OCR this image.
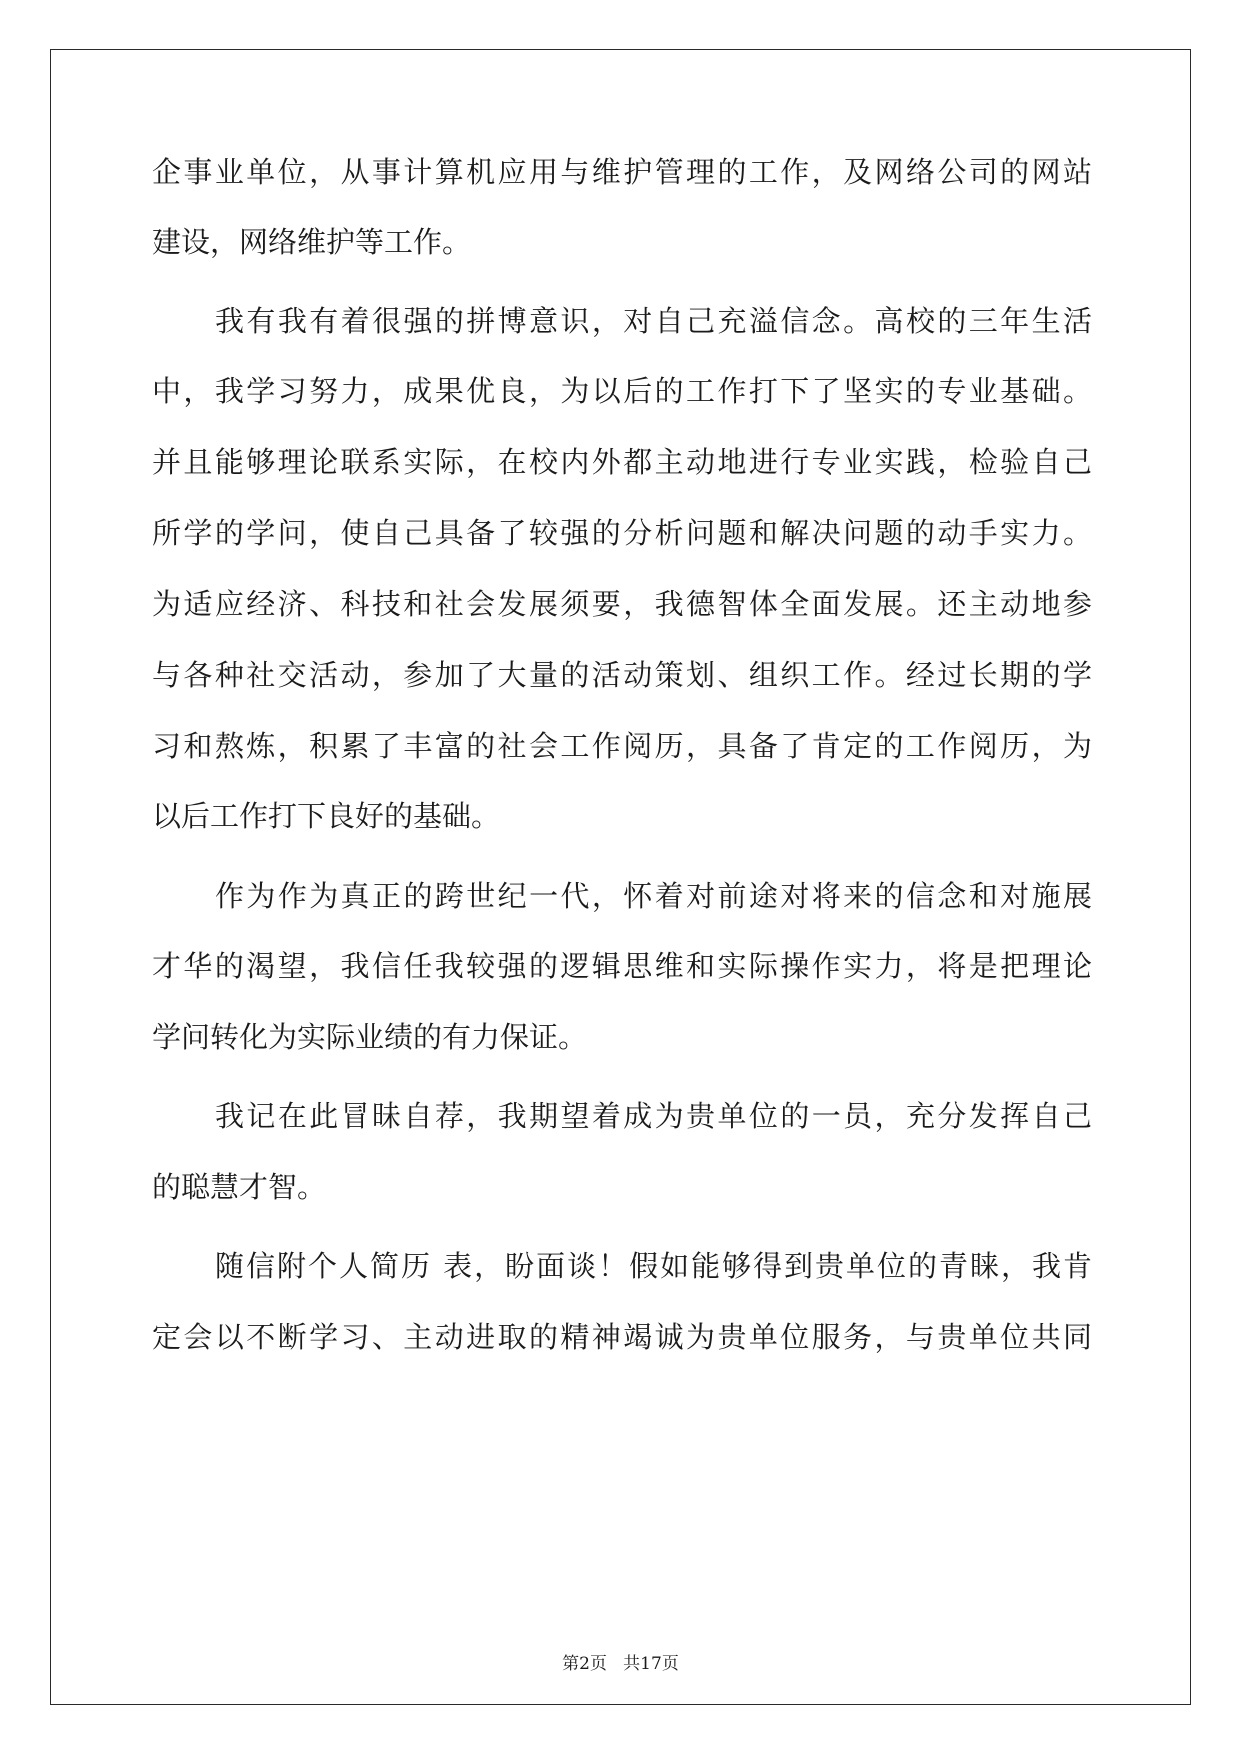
企事业单位，从事计算机应用与维护管理的工作，及网络公司的网站
建设，网络维护等工作。
我有我有着很强的拼博意识，对自己充溢信念。高校的三年生活
中，我学习努力，成果优良，为以后的工作打下了坚实的专业基础。
并且能够理论联系实际，在校内外都主动地进行专业实践，检验自己
所学的学问，使自己具备了较强的分析问题和解决问题的动手实力。
为适应经济、科技和社会发展须要，我德智体全面发展。还主动地参
与各种社交活动，参加了大量的活动策划、组织工作。经过长期的学
习和熬炼，积累了丰富的社会工作阅历，具备了肯定的工作阅历，为
以后工作打下良好的基础。
作为作为真正的跨世纪一代，怀着对前途对将来的信念和对施展
才华的渴望，我信任我较强的逻辑思维和实际操作实力，将是把理论
学问转化为实际业绩的有力保证。
我记在此冒昧自荐，我期望着成为贵单位的一员，充分发挥自己
的聪慧才智。
随信附个人简历 表，盼面谈！假如能够得到贵单位的青睐，我肯
定会以不断学习、主动进取的精神竭诚为贵单位服务，与贵单位共同
第2页   共17页
